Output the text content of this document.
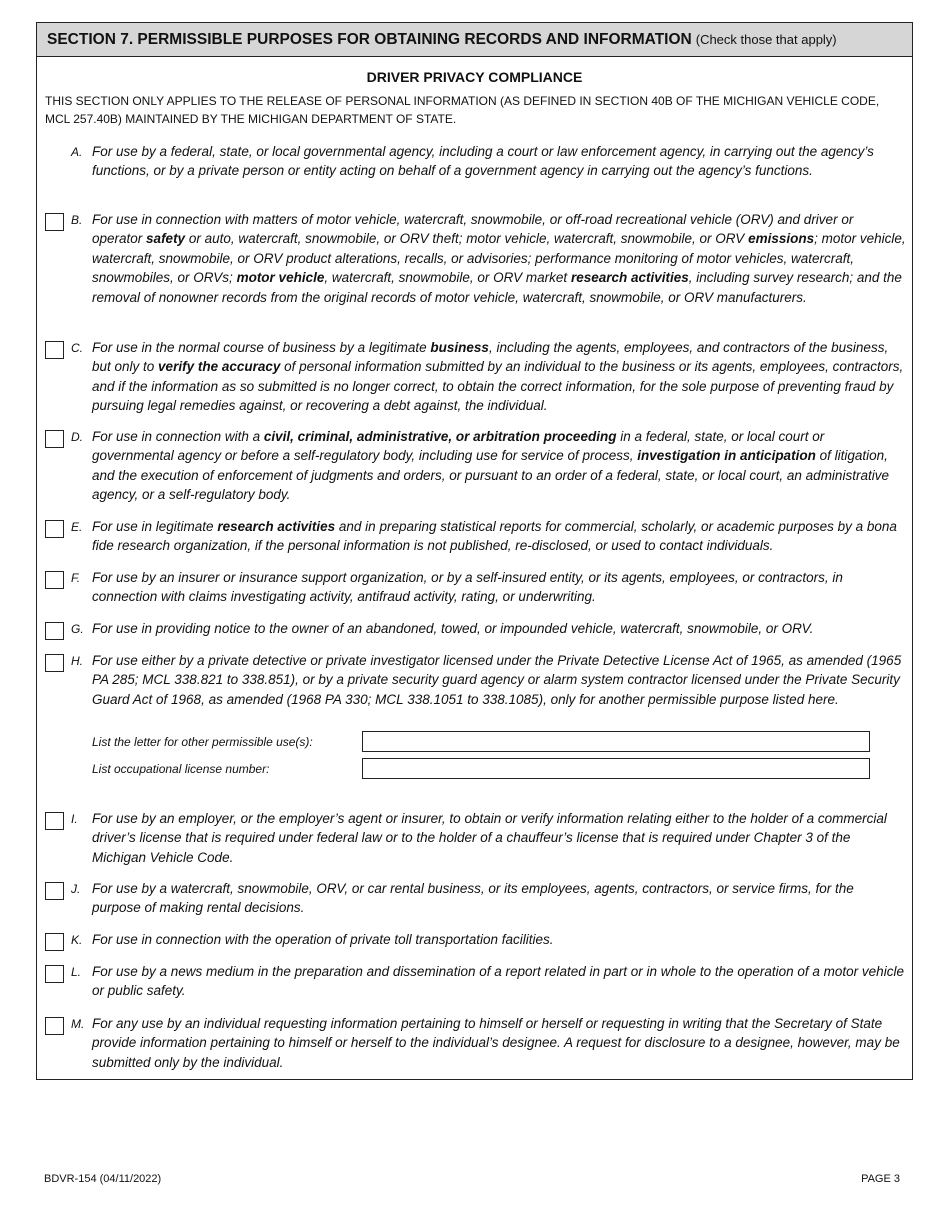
SECTION 7. PERMISSIBLE PURPOSES FOR OBTAINING RECORDS AND INFORMATION (Check those that apply)
DRIVER PRIVACY COMPLIANCE
THIS SECTION ONLY APPLIES TO THE RELEASE OF PERSONAL INFORMATION (AS DEFINED IN SECTION 40B OF THE MICHIGAN VEHICLE CODE, MCL 257.40B) MAINTAINED BY THE MICHIGAN DEPARTMENT OF STATE.
A. For use by a federal, state, or local governmental agency, including a court or law enforcement agency, in carrying out the agency’s functions, or by a private person or entity acting on behalf of a government agency in carrying out the agency’s functions.
B. For use in connection with matters of motor vehicle, watercraft, snowmobile, or off-road recreational vehicle (ORV) and driver or operator safety or auto, watercraft, snowmobile, or ORV theft; motor vehicle, watercraft, snowmobile, or ORV emissions; motor vehicle, watercraft, snowmobile, or ORV product alterations, recalls, or advisories; performance monitoring of motor vehicles, watercraft, snowmobiles, or ORVs; motor vehicle, watercraft, snowmobile, or ORV market research activities, including survey research; and the removal of nonowner records from the original records of motor vehicle, watercraft, snowmobile, or ORV manufacturers.
C. For use in the normal course of business by a legitimate business, including the agents, employees, and contractors of the business, but only to verify the accuracy of personal information submitted by an individual to the business or its agents, employees, contractors, and if the information as so submitted is no longer correct, to obtain the correct information, for the sole purpose of preventing fraud by pursuing legal remedies against, or recovering a debt against, the individual.
D. For use in connection with a civil, criminal, administrative, or arbitration proceeding in a federal, state, or local court or governmental agency or before a self-regulatory body, including use for service of process, investigation in anticipation of litigation, and the execution of enforcement of judgments and orders, or pursuant to an order of a federal, state, or local court, an administrative agency, or a self-regulatory body.
E. For use in legitimate research activities and in preparing statistical reports for commercial, scholarly, or academic purposes by a bona fide research organization, if the personal information is not published, re-disclosed, or used to contact individuals.
F. For use by an insurer or insurance support organization, or by a self-insured entity, or its agents, employees, or contractors, in connection with claims investigating activity, antifraud activity, rating, or underwriting.
G. For use in providing notice to the owner of an abandoned, towed, or impounded vehicle, watercraft, snowmobile, or ORV.
H. For use either by a private detective or private investigator licensed under the Private Detective License Act of 1965, as amended (1965 PA 285; MCL 338.821 to 338.851), or by a private security guard agency or alarm system contractor licensed under the Private Security Guard Act of 1968, as amended (1968 PA 330; MCL 338.1051 to 338.1085), only for another permissible purpose listed here.
I.	For use by an employer, or the employer’s agent or insurer, to obtain or verify information relating either to the holder of a commercial driver’s license that is required under federal law or to the holder of a chauffeur’s license that is required under Chapter 3 of the Michigan Vehicle Code.
J. For use by a watercraft, snowmobile, ORV, or car rental business, or its employees, agents, contractors, or service firms, for the purpose of making rental decisions.
K. For use in connection with the operation of private toll transportation facilities.
L. For use by a news medium in the preparation and dissemination of a report related in part or in whole to the operation of a motor vehicle or public safety.
M. For any use by an individual requesting information pertaining to himself or herself or requesting in writing that the Secretary of State provide information pertaining to himself or herself to the individual’s designee. A request for disclosure to a designee, however, may be submitted only by the individual.
List the letter for other permissible use(s):
List occupational license number:
BDVR-154 (04/11/2022)	PAGE 3
